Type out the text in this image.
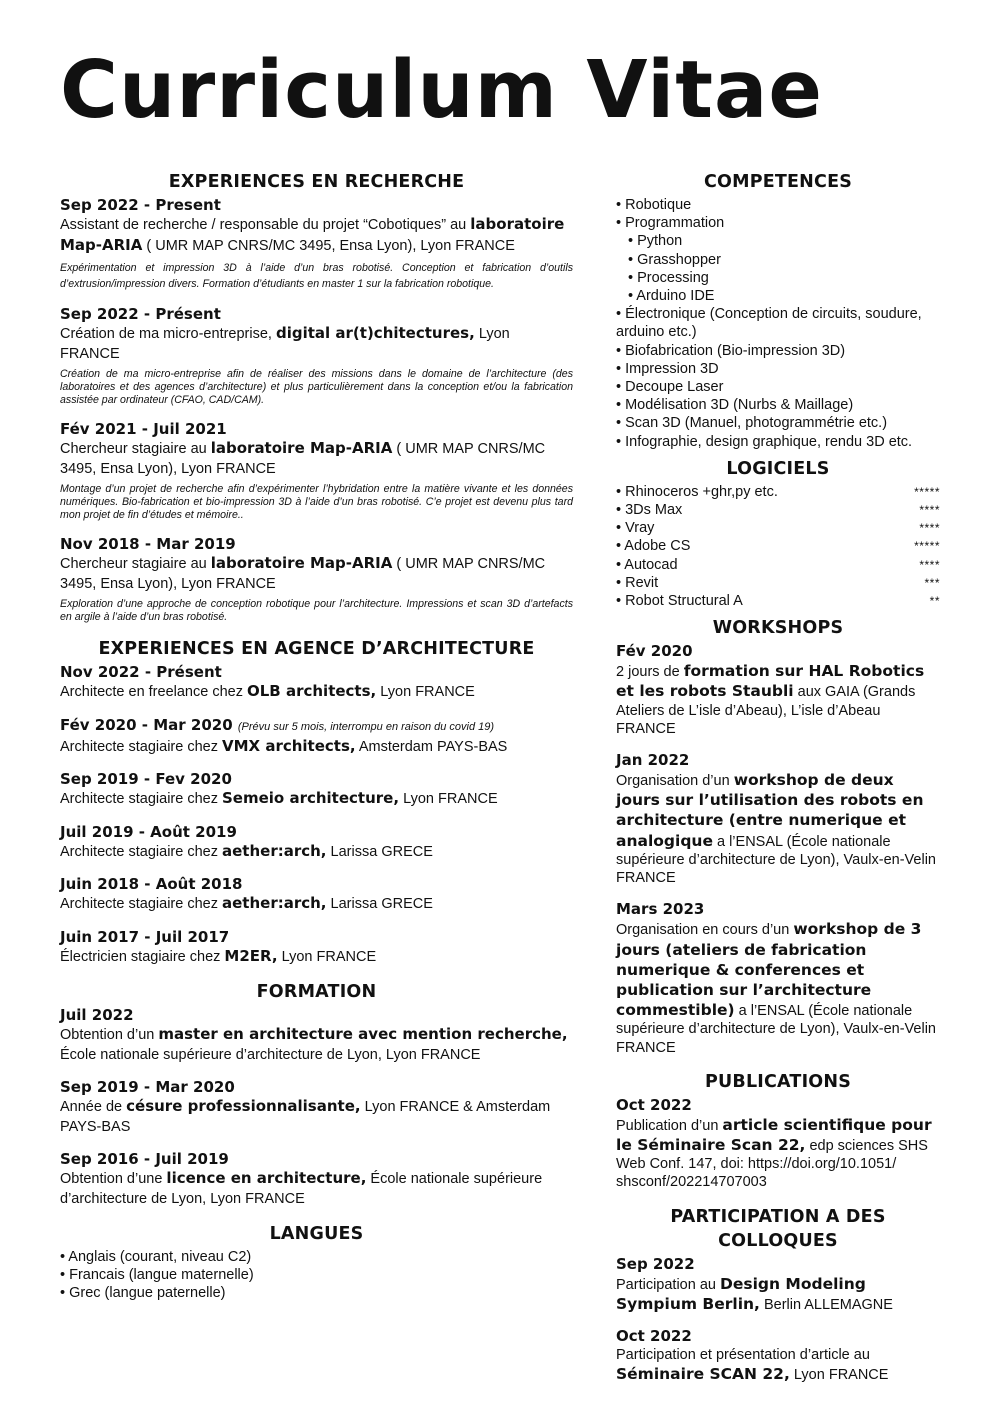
Curriculum Vitae
EXPERIENCES EN RECHERCHE
Sep 2022 - Present
Assistant de recherche / responsable du projet “Cobotiques” au laboratoire Map-ARIA ( UMR MAP CNRS/MC 3495, Ensa Lyon), Lyon FRANCE
Expérimentation et impression 3D à l’aide d’un bras robotisé. Conception et fabrication d’outils d’extrusion/impression divers. Formation d’étudiants en master 1 sur la fabrication robotique.
Sep 2022 - Présent
Création de ma micro-entreprise, digital ar(t)chitectures, Lyon FRANCE
Création de ma micro-entreprise afin de réaliser des missions dans le domaine de l’architecture (des laboratoires et des agences d’architecture) et plus particulièrement dans la conception et/ou la fabrication assistée par ordinateur (CFAO, CAD/CAM).
Fév 2021 - Juil 2021
Chercheur stagiaire au laboratoire Map-ARIA ( UMR MAP CNRS/MC 3495, Ensa Lyon), Lyon FRANCE
Montage d’un projet de recherche afin d’expérimenter l’hybridation entre la matière vivante et les données numériques. Bio-fabrication et bio-impression 3D à l’aide d’un bras robotisé. C’e projet est devenu plus tard mon projet de fin d’études et mémoire..
Nov 2018 - Mar 2019
Chercheur stagiaire au laboratoire Map-ARIA ( UMR MAP CNRS/MC 3495, Ensa Lyon), Lyon FRANCE
Exploration d’une approche de conception robotique pour l’architecture. Impressions et scan 3D d’artefacts en argile à l’aide d’un bras robotisé.
EXPERIENCES EN AGENCE D’ARCHITECTURE
Nov 2022 - Présent
Architecte en freelance chez OLB architects, Lyon FRANCE
Fév 2020 - Mar 2020 (Prévu sur 5 mois, interrompu en raison du covid 19)
Architecte stagiaire chez VMX architects, Amsterdam PAYS-BAS
Sep 2019 - Fev 2020
Architecte stagiaire chez Semeio architecture, Lyon FRANCE
Juil 2019 - Août 2019
Architecte stagiaire chez aether:arch, Larissa GRECE
Juin 2018 - Août 2018
Architecte stagiaire chez aether:arch, Larissa GRECE
Juin 2017 - Juil 2017
Électricien stagiaire chez M2ER, Lyon FRANCE
FORMATION
Juil 2022
Obtention d’un master en architecture avec mention recherche, École nationale supérieure d’architecture de Lyon, Lyon FRANCE
Sep 2019 - Mar 2020
Année de césure professionnalisante, Lyon FRANCE & Amsterdam PAYS-BAS
Sep 2016 - Juil 2019
Obtention d’une licence en architecture, École nationale supérieure d’architecture de Lyon, Lyon FRANCE
LANGUES
• Anglais (courant, niveau C2)
• Francais (langue maternelle)
• Grec (langue paternelle)
COMPETENCES
• Robotique
• Programmation
• Python
• Grasshopper
• Processing
• Arduino IDE
• Électronique (Conception de circuits, soudure, arduino etc.)
• Biofabrication (Bio-impression 3D)
• Impression 3D
• Decoupe Laser
• Modélisation 3D (Nurbs & Maillage)
• Scan 3D (Manuel, photogrammétrie etc.)
• Infographie, design graphique, rendu 3D etc.
LOGICIELS
• Rhinoceros +ghr,py etc.	*****
• 3Ds Max	****
• Vray	****
• Adobe CS	*****
• Autocad	****
• Revit	***
• Robot Structural A	**
WORKSHOPS
Fév 2020
2 jours de formation sur HAL Robotics et les robots Staubli aux GAIA (Grands Ateliers de L’isle d’Abeau), L’isle d’Abeau FRANCE
Jan 2022
Organisation d’un workshop de deux jours sur l’utilisation des robots en architecture (entre numerique et analogique a l’ENSAL (École nationale supérieure d’architecture de Lyon), Vaulx-en-Velin FRANCE
Mars 2023
Organisation en cours d’un workshop de 3 jours (ateliers de fabrication numerique & conferences et publication sur l’architecture commestible) a l’ENSAL (École nationale supérieure d’architecture de Lyon), Vaulx-en-Velin FRANCE
PUBLICATIONS
Oct 2022
Publication d’un article scientifique pour le Séminaire Scan 22, edp sciences SHS Web Conf. 147, doi: https://doi.org/10.1051/ shsconf/202214707003
PARTICIPATION A DES COLLOQUES
Sep 2022
Participation au Design Modeling Sympium Berlin, Berlin ALLEMAGNE
Oct 2022
Participation et présentation d’article au Séminaire SCAN 22, Lyon FRANCE
